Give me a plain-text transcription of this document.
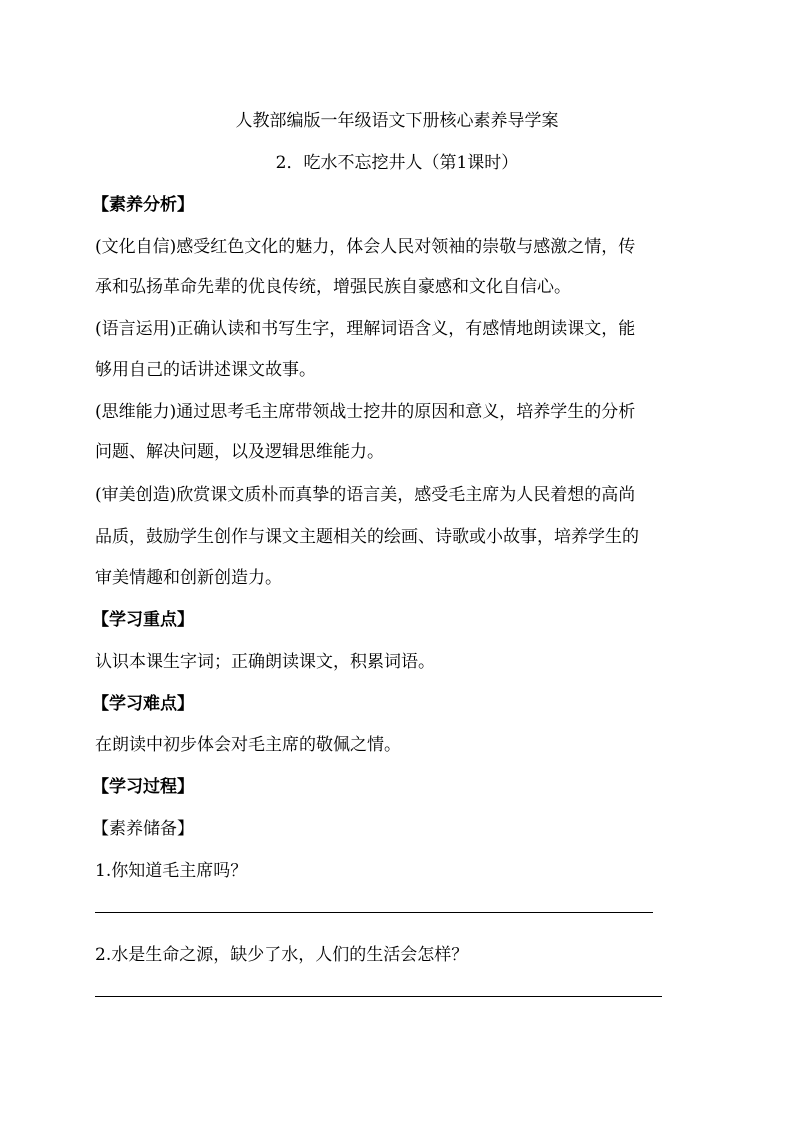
人教部编版一年级语文下册核心素养导学案
2．吃水不忘挖井人（第1课时）
【素养分析】
(文化自信)感受红色文化的魅力，体会人民对领袖的崇敬与感激之情，传
承和弘扬革命先辈的优良传统，增强民族自豪感和文化自信心。
(语言运用)正确认读和书写生字，理解词语含义，有感情地朗读课文，能
够用自己的话讲述课文故事。
(思维能力)通过思考毛主席带领战士挖井的原因和意义，培养学生的分析
问题、解决问题，以及逻辑思维能力。
(审美创造)欣赏课文质朴而真挚的语言美，感受毛主席为人民着想的高尚
品质，鼓励学生创作与课文主题相关的绘画、诗歌或小故事，培养学生的
审美情趣和创新创造力。
【学习重点】
认识本课生字词；正确朗读课文，积累词语。
【学习难点】
在朗读中初步体会对毛主席的敬佩之情。
【学习过程】
【素养储备】
1.你知道毛主席吗？
2.水是生命之源，缺少了水，人们的生活会怎样？
